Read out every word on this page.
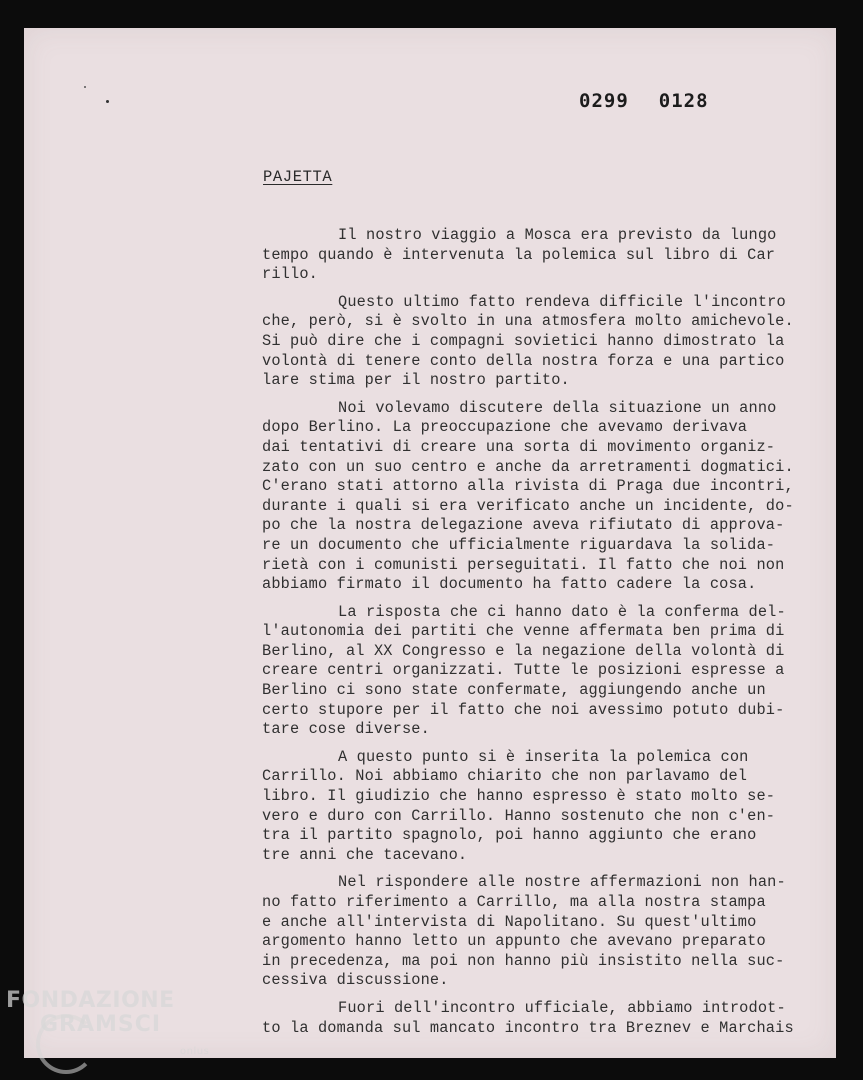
0299 0128
PAJETTA

Il nostro viaggio a Mosca era previsto da lungo
tempo quando è intervenuta la polemica sul libro di Car
rillo.

Questo ultimo fatto rendeva difficile l'incontro
che, però, si è svolto in una atmosfera molto amichevole.
Si può dire che i compagni sovietici hanno dimostrato la
volontà di tenere conto della nostra forza e una partico
lare stima per il nostro partito.

Noi volevamo discutere della situazione un anno
dopo Berlino. La preoccupazione che avevamo derivava
dai tentativi di creare una sorta di movimento organiz-
zato con un suo centro e anche da arretramenti dogmatici.
C'erano stati attorno alla rivista di Praga due incontri,
durante i quali si era verificato anche un incidente, do-
po che la nostra delegazione aveva rifiutato di approva-
re un documento che ufficialmente riguardava la solida-
rietà con i comunisti perseguitati. Il fatto che noi non
abbiamo firmato il documento ha fatto cadere la cosa.

La risposta che ci hanno dato è la conferma del-
l'autonomia dei partiti che venne affermata ben prima di
Berlino, al XX Congresso e la negazione della volontà di
creare centri organizzati. Tutte le posizioni espresse a
Berlino ci sono state confermate, aggiungendo anche un
certo stupore per il fatto che noi avessimo potuto dubi-
tare cose diverse.

A questo punto si è inserita la polemica con
Carrillo. Noi abbiamo chiarito che non parlavamo del
libro. Il giudizio che hanno espresso è stato molto se-
vero e duro con Carrillo. Hanno sostenuto che non c'en-
tra il partito spagnolo, poi hanno aggiunto che erano
tre anni che tacevano.

Nel rispondere alle nostre affermazioni non han-
no fatto riferimento a Carrillo, ma alla nostra stampa
e anche all'intervista di Napolitano. Su quest'ultimo
argomento hanno letto un appunto che avevano preparato
in precedenza, ma poi non hanno più insistito nella suc-
cessiva discussione.

Fuori dell'incontro ufficiale, abbiamo introdot-
to la domanda sul mancato incontro tra Breznev e Marchais

FONDAZIONE
GRAMSCI
onlus
